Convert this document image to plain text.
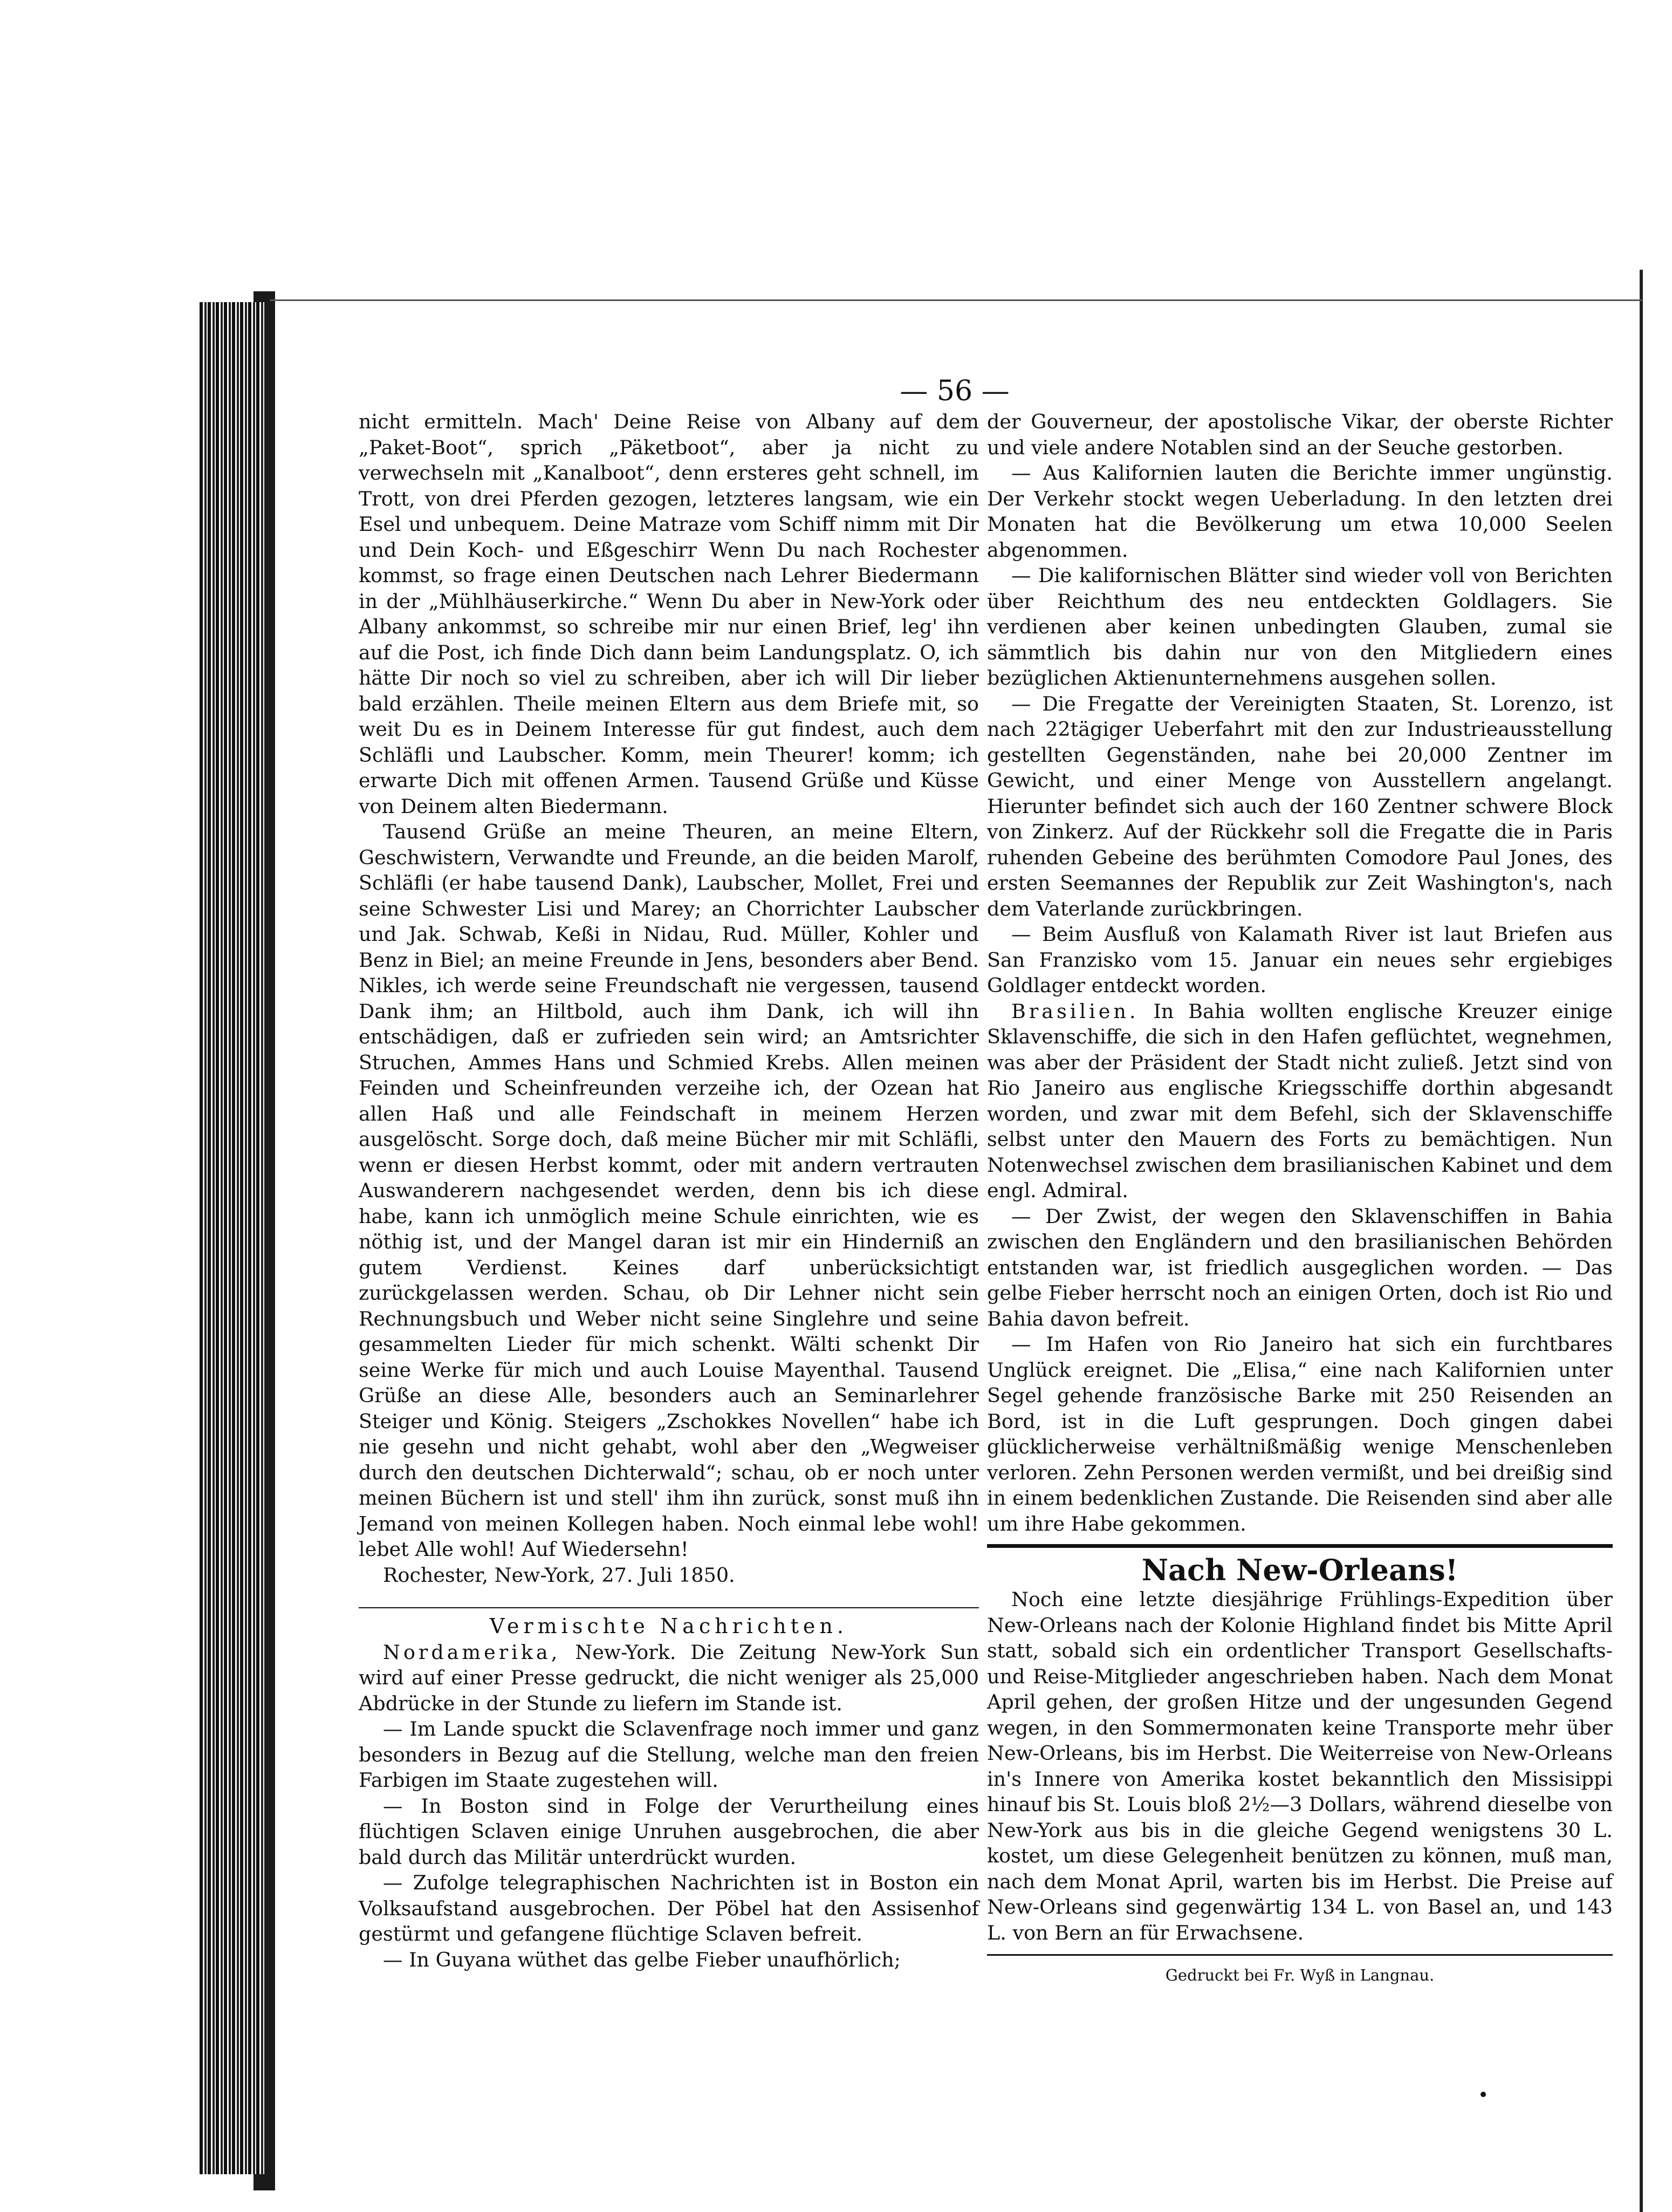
— 56 —

nicht ermitteln. Mach' Deine Reise von Albany auf dem „Paket-Boot“, sprich „Päketboot“, aber ja nicht zu verwechseln mit „Kanalboot“, denn ersteres geht schnell, im Trott, von drei Pferden gezogen, letzteres langsam, wie ein Esel und unbequem. Deine Matraze vom Schiff nimm mit Dir und Dein Koch- und Eßgeschirr Wenn Du nach Rochester kommst, so frage einen Deutschen nach Lehrer Biedermann in der „Mühlhäuserkirche.“ Wenn Du aber in New-York oder Albany ankommst, so schreibe mir nur einen Brief, leg' ihn auf die Post, ich finde Dich dann beim Landungsplatz. O, ich hätte Dir noch so viel zu schreiben, aber ich will Dir lieber bald erzählen. Theile meinen Eltern aus dem Briefe mit, so weit Du es in Deinem Interesse für gut findest, auch dem Schläfli und Laubscher. Komm, mein Theurer! komm; ich erwarte Dich mit offenen Armen. Tausend Grüße und Küsse von Deinem alten Biedermann.

Tausend Grüße an meine Theuren, an meine Eltern, Geschwistern, Verwandte und Freunde, an die beiden Marolf, Schläfli (er habe tausend Dank), Laubscher, Mollet, Frei und seine Schwester Lisi und Marey; an Chorrichter Laubscher und Jak. Schwab, Keßi in Nidau, Rud. Müller, Kohler und Benz in Biel; an meine Freunde in Jens, besonders aber Bend. Nikles, ich werde seine Freundschaft nie vergessen, tausend Dank ihm; an Hiltbold, auch ihm Dank, ich will ihn entschädigen, daß er zufrieden sein wird; an Amtsrichter Struchen, Ammes Hans und Schmied Krebs. Allen meinen Feinden und Scheinfreunden verzeihe ich, der Ozean hat allen Haß und alle Feindschaft in meinem Herzen ausgelöscht. Sorge doch, daß meine Bücher mir mit Schläfli, wenn er diesen Herbst kommt, oder mit andern vertrauten Auswanderern nachgesendet werden, denn bis ich diese habe, kann ich unmöglich meine Schule einrichten, wie es nöthig ist, und der Mangel daran ist mir ein Hinderniß an gutem Verdienst. Keines darf unberücksichtigt zurückgelassen werden. Schau, ob Dir Lehner nicht sein Rechnungsbuch und Weber nicht seine Singlehre und seine gesammelten Lieder für mich schenkt. Wälti schenkt Dir seine Werke für mich und auch Louise Mayenthal. Tausend Grüße an diese Alle, besonders auch an Seminarlehrer Steiger und König. Steigers „Zschokkes Novellen“ habe ich nie gesehn und nicht gehabt, wohl aber den „Wegweiser durch den deutschen Dichterwald“; schau, ob er noch unter meinen Büchern ist und stell' ihm ihn zurück, sonst muß ihn Jemand von meinen Kollegen haben. Noch einmal lebe wohl! lebet Alle wohl! Auf Wiedersehn!

Rochester, New-York, 27. Juli 1850.

Vermischte Nachrichten.

Nordamerika, New-York. Die Zeitung New-York Sun wird auf einer Presse gedruckt, die nicht weniger als 25,000 Abdrücke in der Stunde zu liefern im Stande ist.

— Im Lande spuckt die Sclavenfrage noch immer und ganz besonders in Bezug auf die Stellung, welche man den freien Farbigen im Staate zugestehen will.

— In Boston sind in Folge der Verurtheilung eines flüchtigen Sclaven einige Unruhen ausgebrochen, die aber bald durch das Militär unterdrückt wurden.

— Zufolge telegraphischen Nachrichten ist in Boston ein Volksaufstand ausgebrochen. Der Pöbel hat den Assisenhof gestürmt und gefangene flüchtige Sclaven befreit.

— In Guyana wüthet das gelbe Fieber unaufhörlich;

der Gouverneur, der apostolische Vikar, der oberste Richter und viele andere Notablen sind an der Seuche gestorben.

— Aus Kalifornien lauten die Berichte immer ungünstig. Der Verkehr stockt wegen Ueberladung. In den letzten drei Monaten hat die Bevölkerung um etwa 10,000 Seelen abgenommen.

— Die kalifornischen Blätter sind wieder voll von Berichten über Reichthum des neu entdeckten Goldlagers. Sie verdienen aber keinen unbedingten Glauben, zumal sie sämmtlich bis dahin nur von den Mitgliedern eines bezüglichen Aktienunternehmens ausgehen sollen.

— Die Fregatte der Vereinigten Staaten, St. Lorenzo, ist nach 22tägiger Ueberfahrt mit den zur Industrieausstellung gestellten Gegenständen, nahe bei 20,000 Zentner im Gewicht, und einer Menge von Ausstellern angelangt. Hierunter befindet sich auch der 160 Zentner schwere Block von Zinkerz. Auf der Rückkehr soll die Fregatte die in Paris ruhenden Gebeine des berühmten Comodore Paul Jones, des ersten Seemannes der Republik zur Zeit Washington's, nach dem Vaterlande zurückbringen.

— Beim Ausfluß von Kalamath River ist laut Briefen aus San Franzisko vom 15. Januar ein neues sehr ergiebiges Goldlager entdeckt worden.

Brasilien. In Bahia wollten englische Kreuzer einige Sklavenschiffe, die sich in den Hafen geflüchtet, wegnehmen, was aber der Präsident der Stadt nicht zuließ. Jetzt sind von Rio Janeiro aus englische Kriegsschiffe dorthin abgesandt worden, und zwar mit dem Befehl, sich der Sklavenschiffe selbst unter den Mauern des Forts zu bemächtigen. Nun Notenwechsel zwischen dem brasilianischen Kabinet und dem engl. Admiral.

— Der Zwist, der wegen den Sklavenschiffen in Bahia zwischen den Engländern und den brasilianischen Behörden entstanden war, ist friedlich ausgeglichen worden. — Das gelbe Fieber herrscht noch an einigen Orten, doch ist Rio und Bahia davon befreit.

— Im Hafen von Rio Janeiro hat sich ein furchtbares Unglück ereignet. Die „Elisa,“ eine nach Kalifornien unter Segel gehende französische Barke mit 250 Reisenden an Bord, ist in die Luft gesprungen. Doch gingen dabei glücklicherweise verhältnißmäßig wenige Menschenleben verloren. Zehn Personen werden vermißt, und bei dreißig sind in einem bedenklichen Zustande. Die Reisenden sind aber alle um ihre Habe gekommen.

Nach New-Orleans!

Noch eine letzte diesjährige Frühlings-Expedition über New-Orleans nach der Kolonie Highland findet bis Mitte April statt, sobald sich ein ordentlicher Transport Gesellschafts- und Reise-Mitglieder angeschrieben haben. Nach dem Monat April gehen, der großen Hitze und der ungesunden Gegend wegen, in den Sommermonaten keine Transporte mehr über New-Orleans, bis im Herbst. Die Weiterreise von New-Orleans in's Innere von Amerika kostet bekanntlich den Missisippi hinauf bis St. Louis bloß 2½—3 Dollars, während dieselbe von New-York aus bis in die gleiche Gegend wenigstens 30 L. kostet, um diese Gelegenheit benützen zu können, muß man, nach dem Monat April, warten bis im Herbst. Die Preise auf New-Orleans sind gegenwärtig 134 L. von Basel an, und 143 L. von Bern an für Erwachsene.

Gedruckt bei Fr. Wyß in Langnau.
